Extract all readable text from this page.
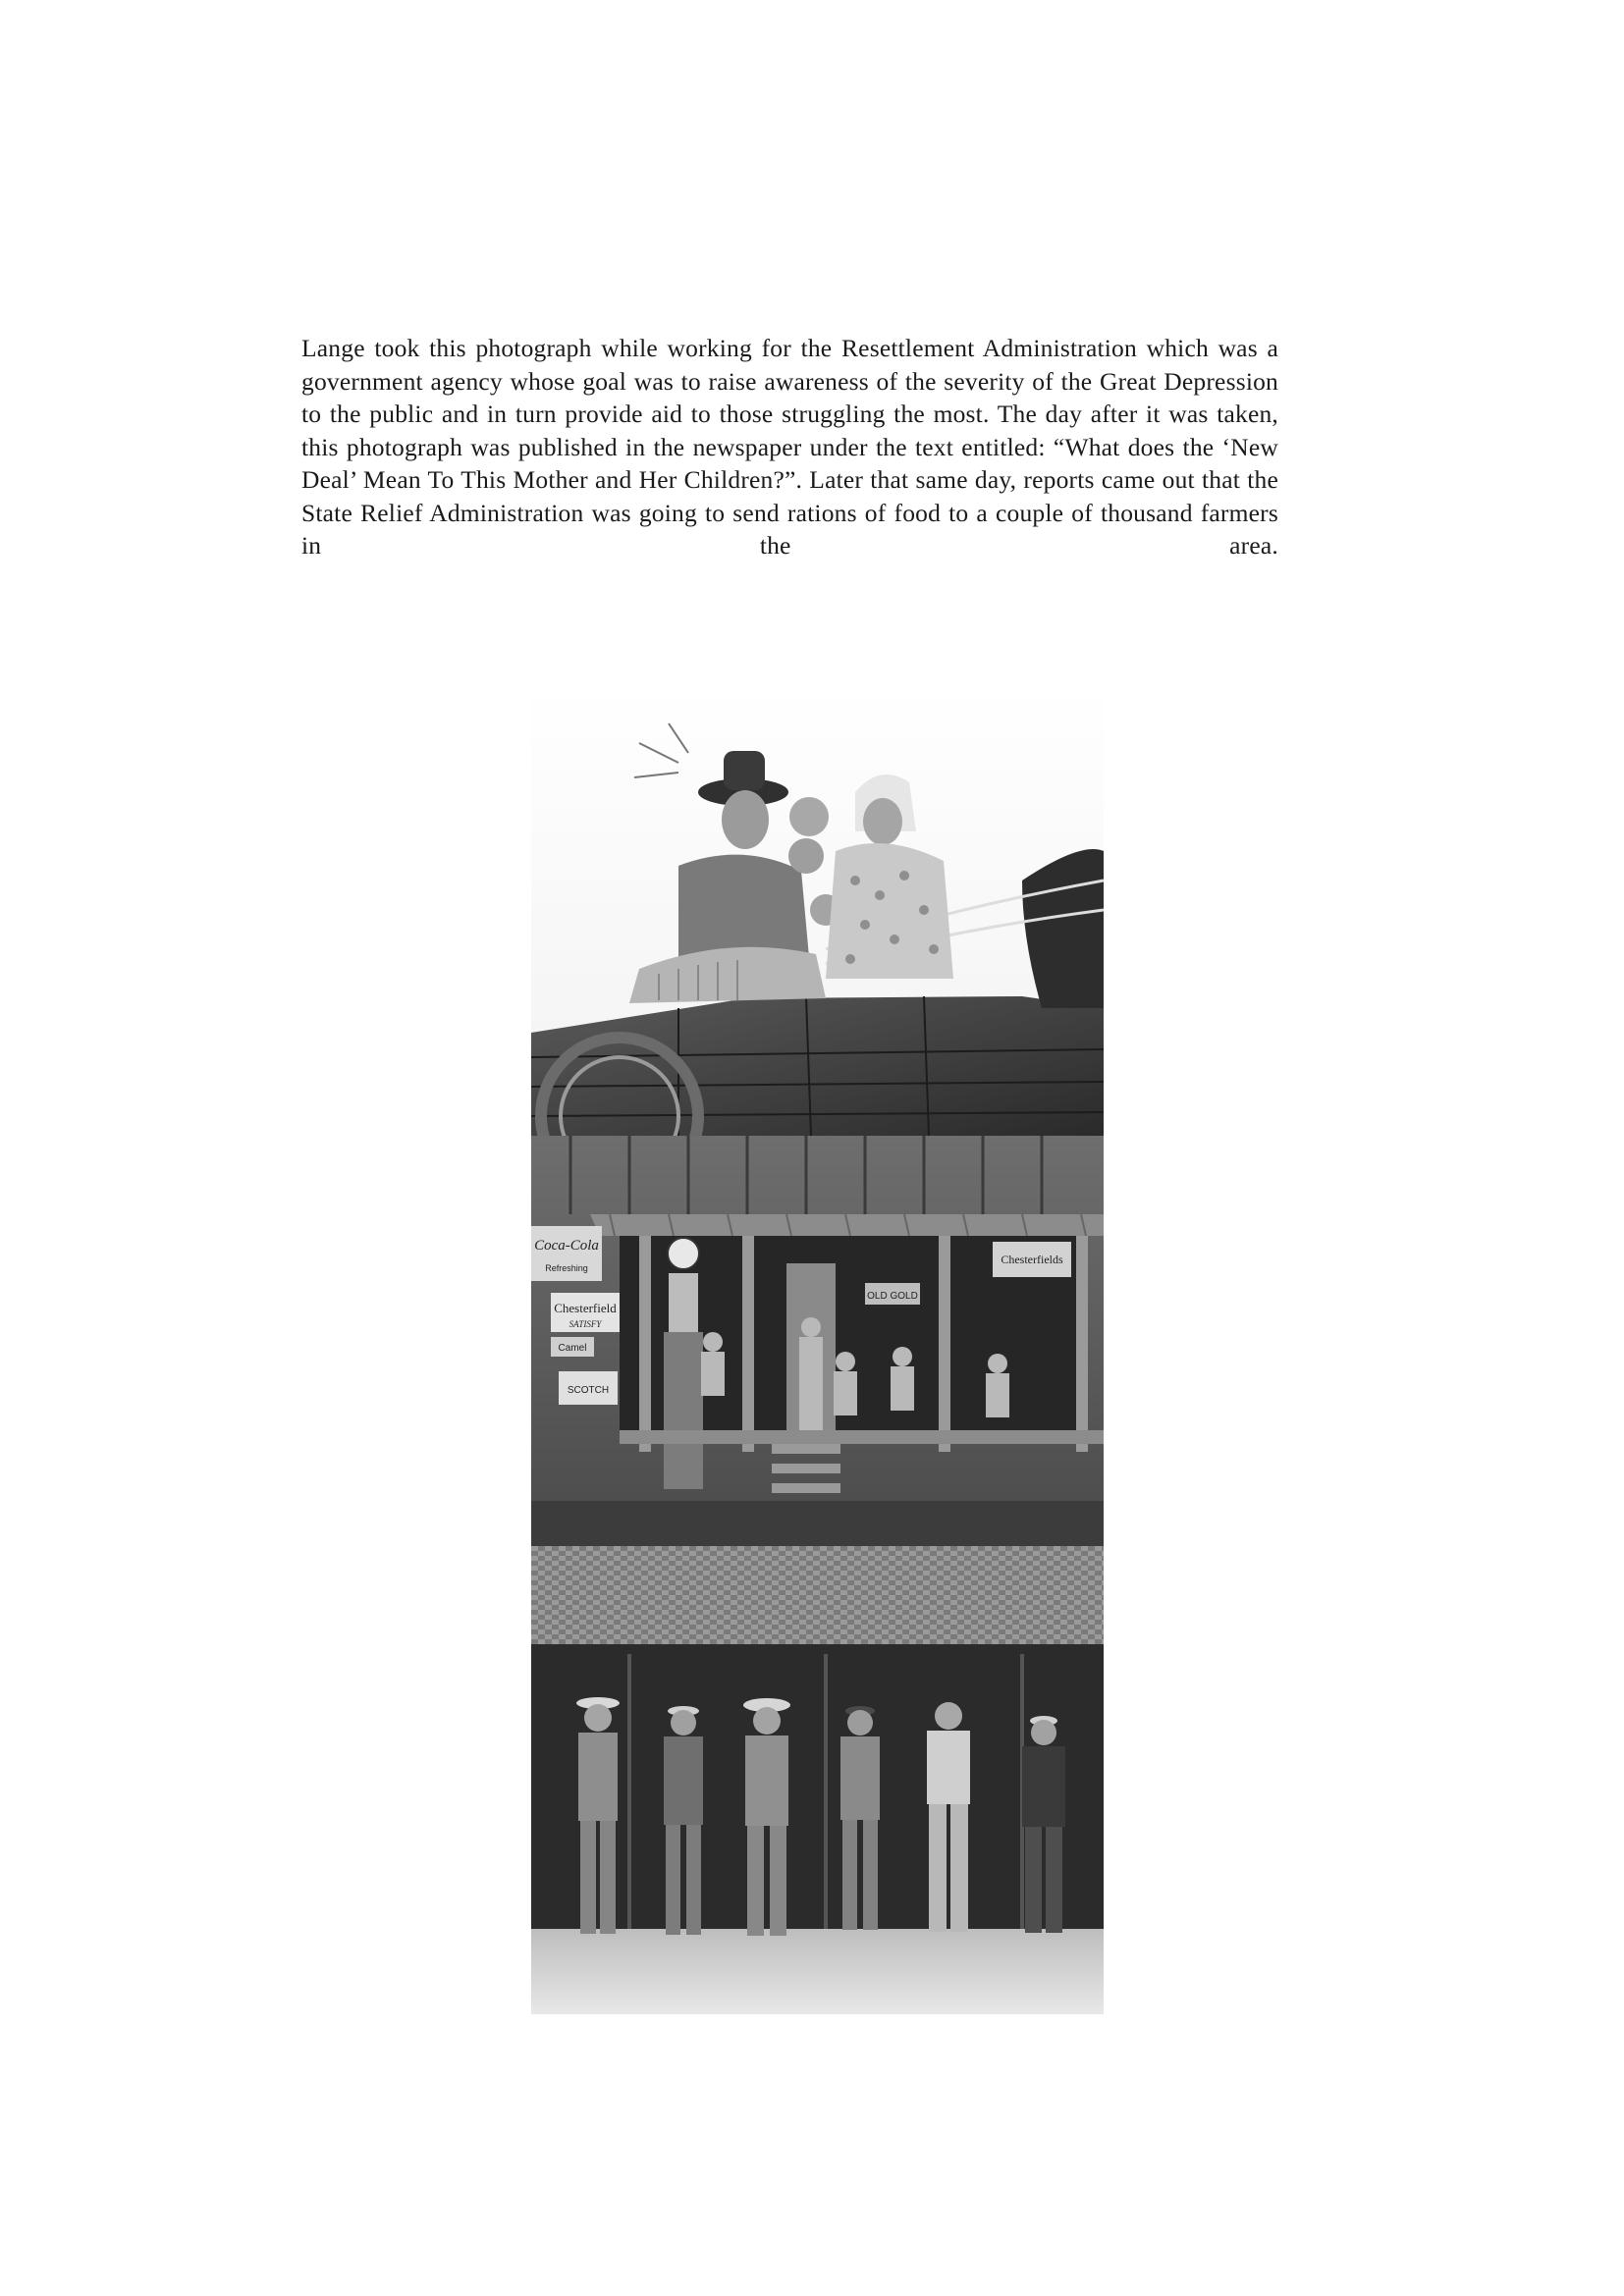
Lange took this photograph while working for the Resettlement Administration which was a government agency whose goal was to raise awareness of the severity of the Great Depression to the public and in turn provide aid to those struggling the most. The day after it was taken, this photograph was published in the newspaper under the text entitled: “What does the ‘New Deal’ Mean To This Mother and Her Children?”. Later that same day, reports came out that the State Relief Administration was going to send rations of food to a couple of thousand farmers in the area.

Coca-Cola
Refreshing
Chesterfield
SATISFY
Camel
SCOTCH
OLD GOLD
Chesterfields
